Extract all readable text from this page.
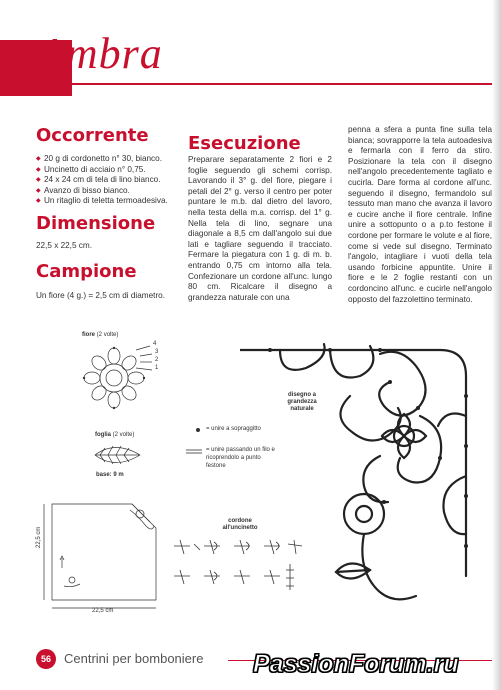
Ambra
Occorrente
◆ 20 g di cordonetto n° 30, bianco.
◆ Uncinetto di acciaio n° 0,75.
◆ 24 x 24 cm di tela di lino bianco.
◆ Avanzo di bisso bianco.
◆ Un ritaglio di teletta termoadesiva.
Dimensione
22,5 x 22,5 cm.
Campione
Un fiore (4 g.) = 2,5 cm di diametro.
Esecuzione

Preparare separatamente 2 fiori e 2 foglie seguendo gli schemi corrisp. Lavorando il 3° g. del fiore, piegare i petali del 2° g. verso il centro per poter puntare le m.b. dal dietro del lavoro, nella testa della m.a. corrisp. del 1° g. Nella tela di lino, segnare una diagonale a 8,5 cm dall'angolo sui due lati e tagliare seguendo il tracciato. Fermare la piegatura con 1 g. di m. b. entrando 0,75 cm intorno alla tela. Confezionare un cordone all'unc. lungo 80 cm. Ricalcare il disegno a grandezza naturale con una

penna a sfera a punta fine sulla tela bianca; sovrapporre la tela autoadesiva e fermarla con il ferro da stiro. Posizionare la tela con il disegno nell'angolo precedentemente tagliato e cucirla. Dare forma al cordone all'unc. seguendo il disegno, fermandolo sul tessuto man mano che avanza il lavoro e cucire anche il fiore centrale. Infine unire a sottopunto o a p.to festone il cordone per formare le volute e al fiore, come si vede sul disegno. Terminato l'angolo, intagliare i vuoti della tela usando forbicine appuntite. Unire il fiore e le 2 foglie restanti con un cordoncino all'unc. e cucirle nell'angolo opposto del fazzolettino terminato.

fiore (2 volte)
4
3
2
1
foglia (2 volte)
base: 9 m
= unire a sopraggitto
= unire passando un filo e ricoprendolo a punto festone
disegno a grandezza naturale
22,5 cm
22,5 cm
cordone all'uncinetto
56	Centrini per bomboniere PassionForum.ru
